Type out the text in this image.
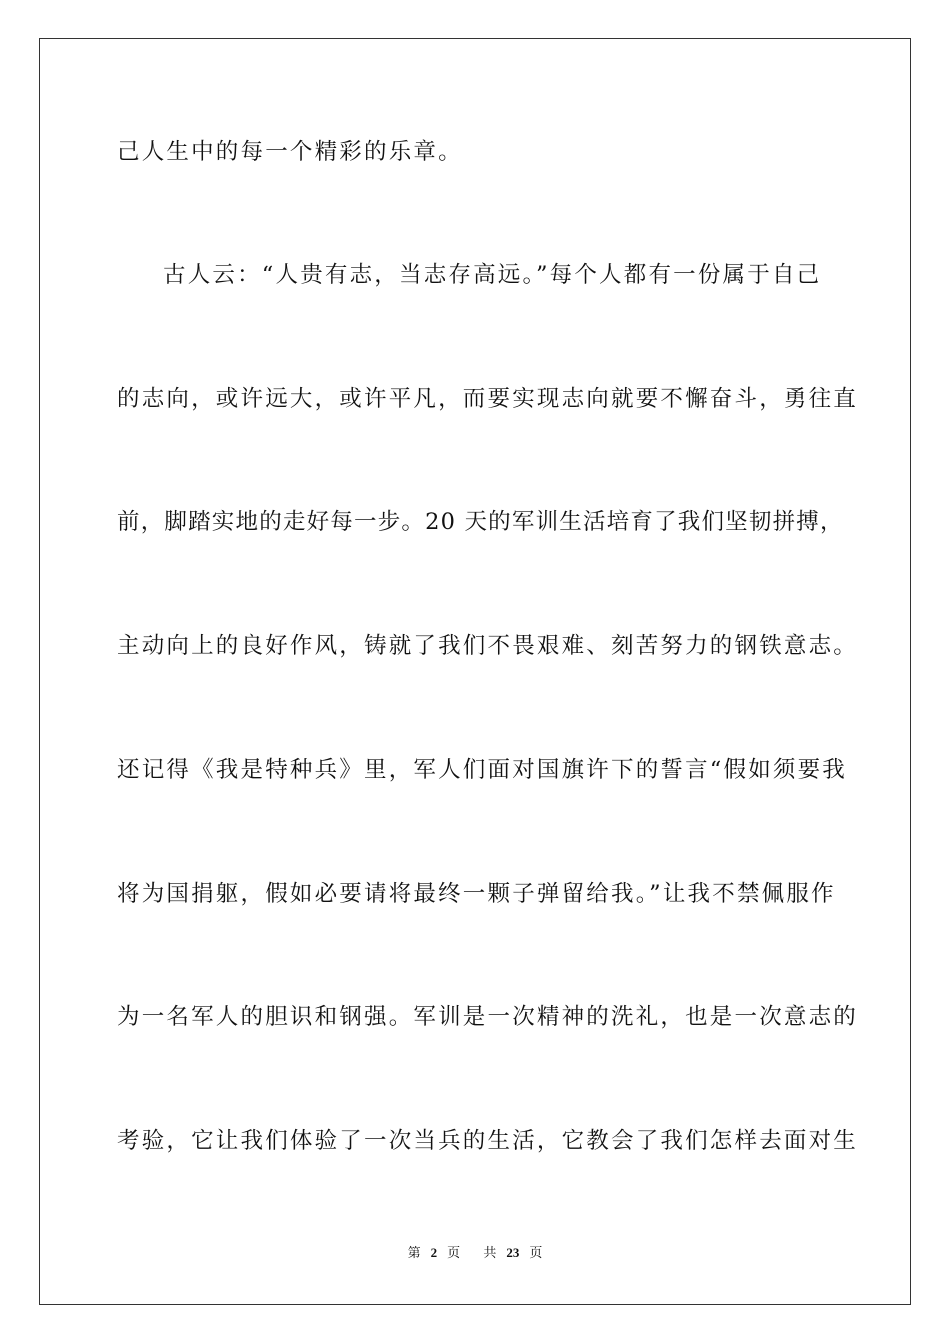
己人生中的每一个精彩的乐章。
古人云：“人贵有志，当志存高远。”每个人都有一份属于自己
的志向，或许远大，或许平凡，而要实现志向就要不懈奋斗，勇往直
前，脚踏实地的走好每一步。20 天的军训生活培育了我们坚韧拼搏，
主动向上的良好作风，铸就了我们不畏艰难、刻苦努力的钢铁意志。
还记得《我是特种兵》里，军人们面对国旗许下的誓言“假如须要我
将为国捐躯，假如必要请将最终一颗子弹留给我。”让我不禁佩服作
为一名军人的胆识和钢强。军训是一次精神的洗礼，也是一次意志的
考验，它让我们体验了一次当兵的生活，它教会了我们怎样去面对生
第 2 页 共 23 页
